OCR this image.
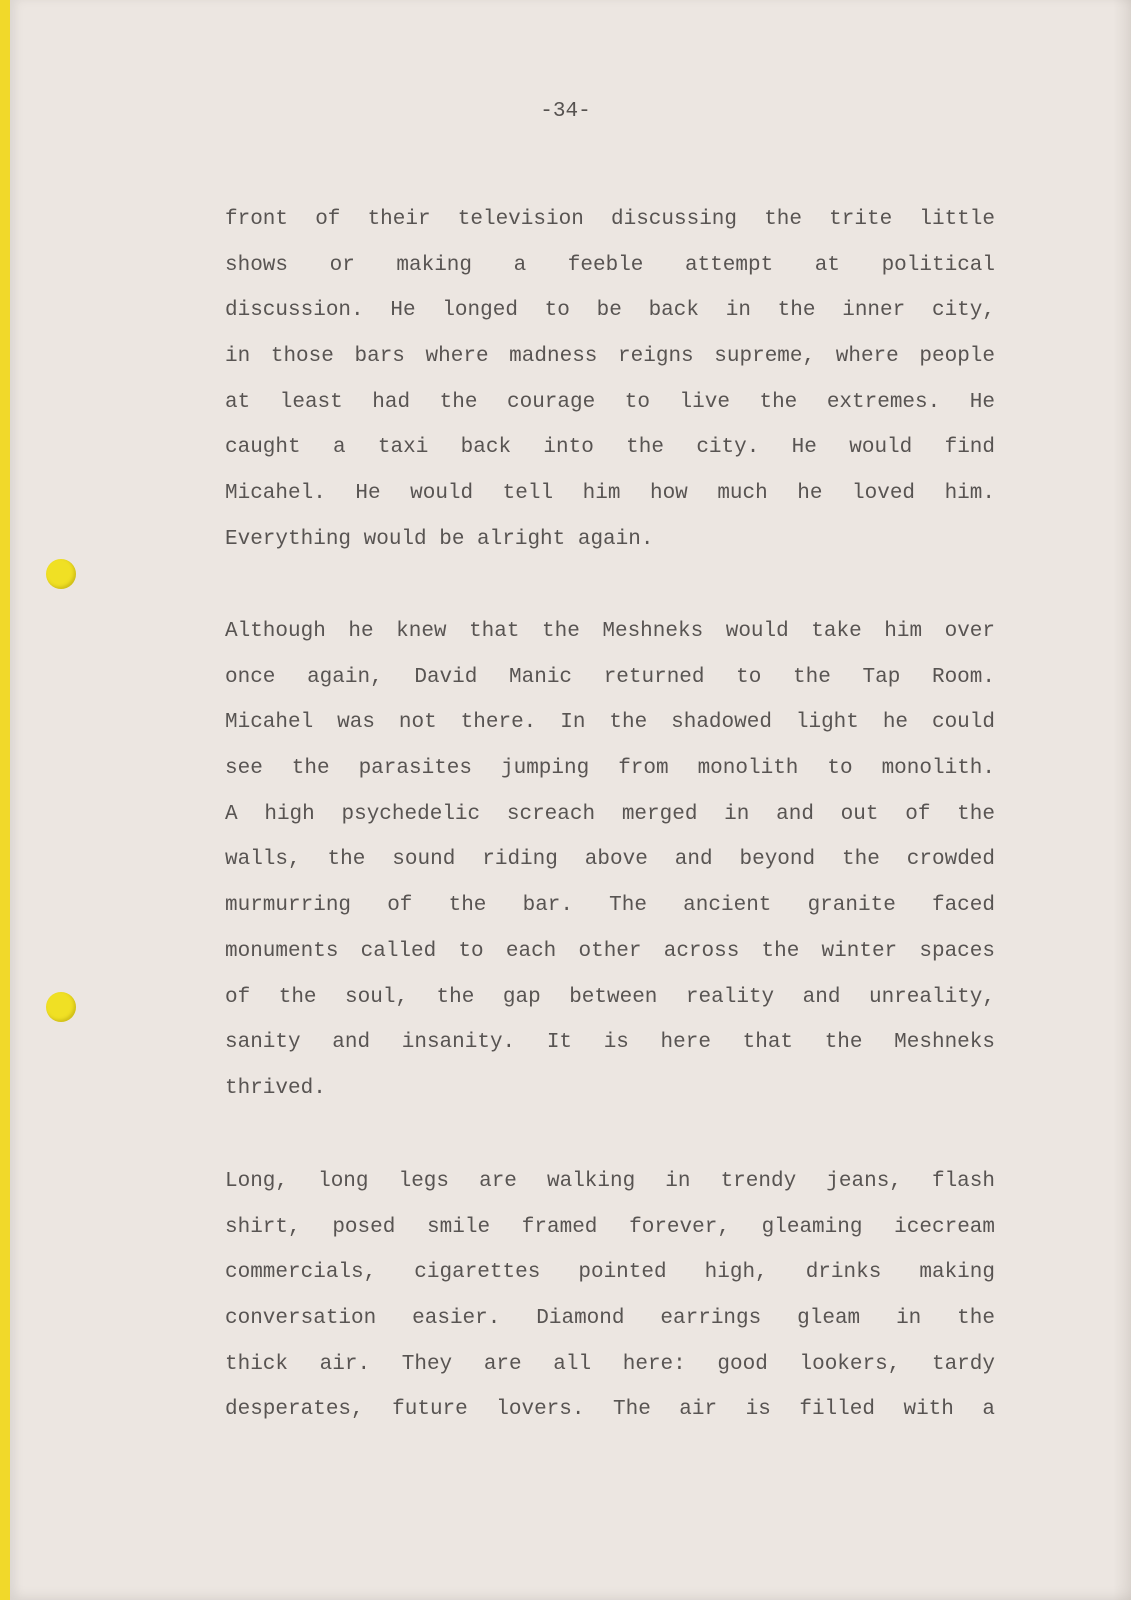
-34-
front of their television discussing the trite little
shows or making a feeble attempt at political
discussion. He longed to be back in the inner city,
in those bars where madness reigns supreme, where people
at least had the courage to live the extremes. He
caught a taxi back into the city. He would find
Micahel. He would tell him how much he loved him.
Everything would be alright again.
Although he knew that the Meshneks would take him over
once again, David Manic returned to the Tap Room.
Micahel was not there. In the shadowed light he could
see the parasites jumping from monolith to monolith.
A high psychedelic screach merged in and out of the
walls, the sound riding above and beyond the crowded
murmurring of the bar. The ancient granite faced
monuments called to each other across the winter spaces
of the soul, the gap between reality and unreality,
sanity and insanity. It is here that the Meshneks
thrived.
Long, long legs are walking in trendy jeans, flash
shirt, posed smile framed forever, gleaming icecream
commercials, cigarettes pointed high, drinks making
conversation easier. Diamond earrings gleam in the
thick air. They are all here: good lookers, tardy
desperates, future lovers. The air is filled with a
